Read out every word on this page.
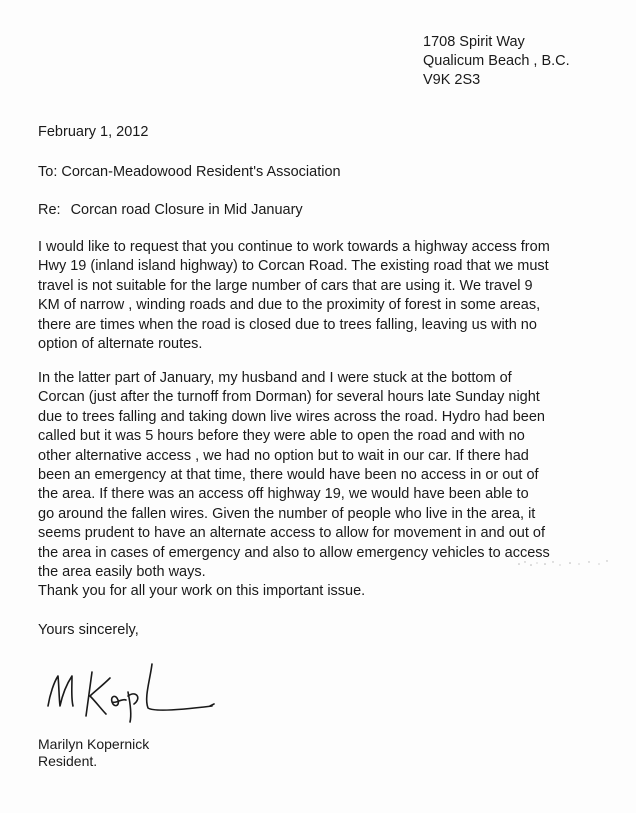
1708 Spirit Way
Qualicum Beach , B.C.
V9K 2S3
February 1, 2012
To: Corcan-Meadowood Resident's Association
Re: Corcan road Closure in Mid January
I would like to request that you continue to work towards a highway access from
Hwy 19 (inland island highway) to Corcan Road. The existing road that we must
travel is not suitable for the large number of cars that are using it. We travel 9
KM of narrow , winding roads and due to the proximity of forest in some areas,
there are times when the road is closed due to trees falling, leaving us with no
option of alternate routes.
In the latter part of January, my husband and I were stuck at the bottom of
Corcan (just after the turnoff from Dorman) for several hours late Sunday night
due to trees falling and taking down live wires across the road. Hydro had been
called but it was 5 hours before they were able to open the road and with no
other alternative access , we had no option but to wait in our car. If there had
been an emergency at that time, there would have been no access in or out of
the area. If there was an access off highway 19, we would have been able to
go around the fallen wires. Given the number of people who live in the area, it
seems prudent to have an alternate access to allow for movement in and out of
the area in cases of emergency and also to allow emergency vehicles to access
the area easily both ways.
Thank you for all your work on this important issue.
Yours sincerely,
Marilyn Kopernick
Resident.
